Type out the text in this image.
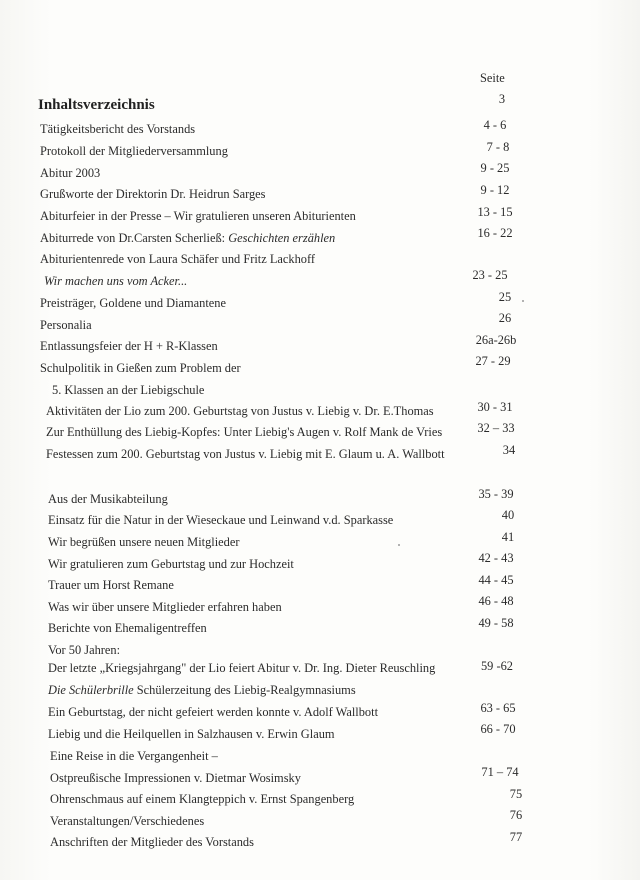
Seite
3
Inhaltsverzeichnis
Tätigkeitsbericht des Vorstands	4 - 6
Protokoll der Mitgliederversammlung	7 - 8
Abitur 2003	9 - 25
Grußworte der Direktorin Dr. Heidrun Sarges	9 - 12
Abiturfeier in der Presse – Wir gratulieren unseren Abiturienten	13 - 15
Abiturrede von Dr.Carsten Scherließ: Geschichten erzählen	16 - 22
Abiturientenrede von Laura Schäfer und Fritz Lackhoff
Wir machen uns vom Acker...	23 - 25
Preisträger, Goldene und Diamantene	25
Personalia	26
Entlassungsfeier der H + R-Klassen	26a-26b
Schulpolitik in Gießen zum Problem der	27 - 29
5. Klassen an der Liebigschule
Aktivitäten der Lio zum 200. Geburtstag von Justus v. Liebig v. Dr. E.Thomas	30 - 31
Zur Enthüllung des Liebig-Kopfes: Unter Liebig's Augen v. Rolf Mank de Vries	32 – 33
Festessen zum 200. Geburtstag von Justus v. Liebig mit E. Glaum u. A. Wallbott	34
Aus der Musikabteilung	35 - 39
Einsatz für die Natur in der Wieseckaue und Leinwand v.d. Sparkasse	40
Wir begrüßen unsere neuen Mitglieder	41
Wir gratulieren zum Geburtstag und zur Hochzeit	42 - 43
Trauer um Horst Remane	44 - 45
Was wir über unsere Mitglieder erfahren haben	46 - 48
Berichte von Ehemaligentreffen	49 - 58
Vor 50 Jahren:
Der letzte „Kriegsjahrgang" der Lio feiert Abitur v. Dr. Ing. Dieter Reuschling	59 -62
Die Schülerbrille Schülerzeitung des Liebig-Realgymnasiums
Ein Geburtstag, der nicht gefeiert werden konnte v. Adolf Wallbott	63 - 65
Liebig und die Heilquellen in Salzhausen v. Erwin Glaum	66 - 70
Eine Reise in die Vergangenheit –
Ostpreußische Impressionen v. Dietmar Wosimsky	71 – 74
Ohrenschmaus auf einem Klangteppich v. Ernst Spangenberg	75
Veranstaltungen/Verschiedenes	76
Anschriften der Mitglieder des Vorstands	77
